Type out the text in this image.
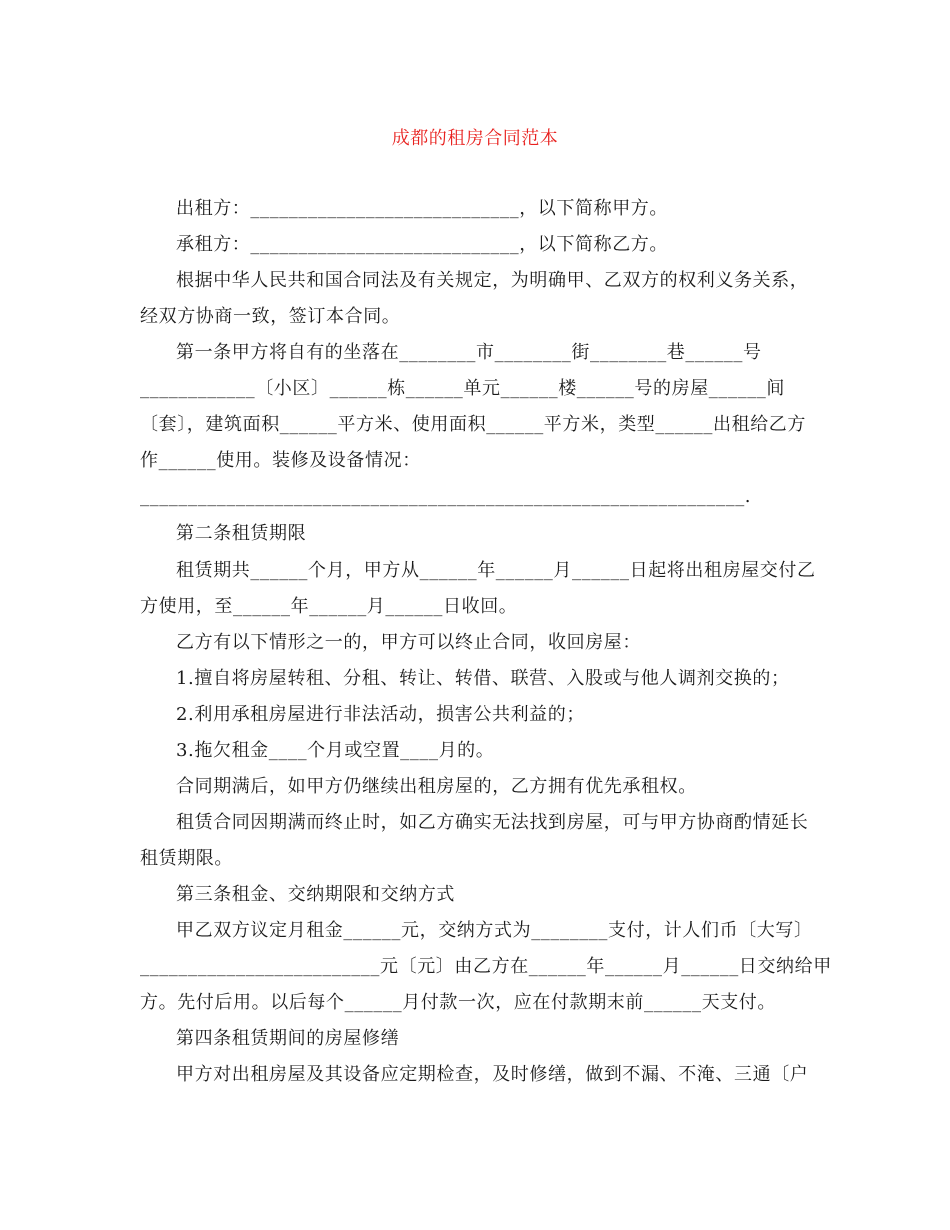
成都的租房合同范本
出租方：____________________________，以下简称甲方。
承租方：____________________________，以下简称乙方。
根据中华人民共和国合同法及有关规定，为明确甲、乙双方的权利义务关系，
经双方协商一致，签订本合同。
第一条甲方将自有的坐落在________市________街________巷______号
____________〔小区〕______栋______单元______楼______号的房屋______间
〔套〕，建筑面积______平方米、使用面积______平方米，类型______出租给乙方
作______使用。装修及设备情况：
_______________________________________________________________.
第二条租赁期限
租赁期共______个月，甲方从______年______月______日起将出租房屋交付乙
方使用，至______年______月______日收回。
乙方有以下情形之一的，甲方可以终止合同，收回房屋：
1.擅自将房屋转租、分租、转让、转借、联营、入股或与他人调剂交换的；
2.利用承租房屋进行非法活动，损害公共利益的；
3.拖欠租金____个月或空置____月的。
合同期满后，如甲方仍继续出租房屋的，乙方拥有优先承租权。
租赁合同因期满而终止时，如乙方确实无法找到房屋，可与甲方协商酌情延长
租赁期限。
第三条租金、交纳期限和交纳方式
甲乙双方议定月租金______元，交纳方式为________支付，计人们币〔大写〕
_________________________元〔元〕由乙方在______年______月______日交纳给甲
方。先付后用。以后每个______月付款一次，应在付款期末前______天支付。
第四条租赁期间的房屋修缮
甲方对出租房屋及其设备应定期检查，及时修缮，做到不漏、不淹、三通〔户
